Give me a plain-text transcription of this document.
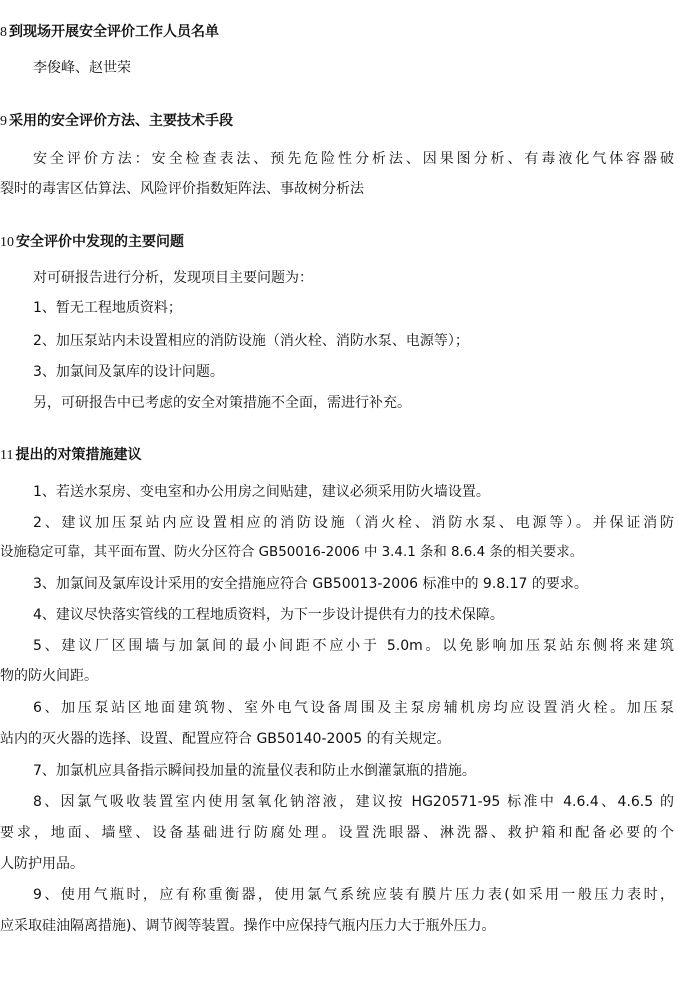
8 到现场开展安全评价工作人员名单

李俊峰、赵世荣

9 采用的安全评价方法、主要技术手段

安全评价方法：安全检查表法、预先危险性分析法、因果图分析、有毒液化气体容器破

裂时的毒害区估算法、风险评价指数矩阵法、事故树分析法

10 安全评价中发现的主要问题

对可研报告进行分析，发现项目主要问题为：

1、暂无工程地质资料；

2、加压泵站内未设置相应的消防设施（消火栓、消防水泵、电源等）；

3、加氯间及氯库的设计问题。

另，可研报告中已考虑的安全对策措施不全面，需进行补充。

11 提出的对策措施建议

1、若送水泵房、变电室和办公用房之间贴建，建议必须采用防火墙设置。

2、建议加压泵站内应设置相应的消防设施（消火栓、消防水泵、电源等）。并保证消防

设施稳定可靠，其平面布置、防火分区符合 GB50016-2006 中 3.4.1 条和 8.6.4 条的相关要求。

3、加氯间及氯库设计采用的安全措施应符合 GB50013-2006 标准中的 9.8.17 的要求。

4、建议尽快落实管线的工程地质资料，为下一步设计提供有力的技术保障。

5、建议厂区围墙与加氯间的最小间距不应小于 5.0m。以免影响加压泵站东侧将来建筑

物的防火间距。

6、加压泵站区地面建筑物、室外电气设备周围及主泵房辅机房均应设置消火栓。加压泵

站内的灭火器的选择、设置、配置应符合 GB50140-2005 的有关规定。

7、加氯机应具备指示瞬间投加量的流量仪表和防止水倒灌氯瓶的措施。

8、因氯气吸收装置室内使用氢氧化钠溶液，建议按 HG20571-95 标准中 4.6.4、4.6.5 的

要求，地面、墙壁、设备基础进行防腐处理。设置洗眼器、淋洗器、救护箱和配备必要的个

人防护用品。

9、使用气瓶时，应有称重衡器，使用氯气系统应装有膜片压力表(如采用一般压力表时，

应采取硅油隔离措施)、调节阀等装置。操作中应保持气瓶内压力大于瓶外压力。
